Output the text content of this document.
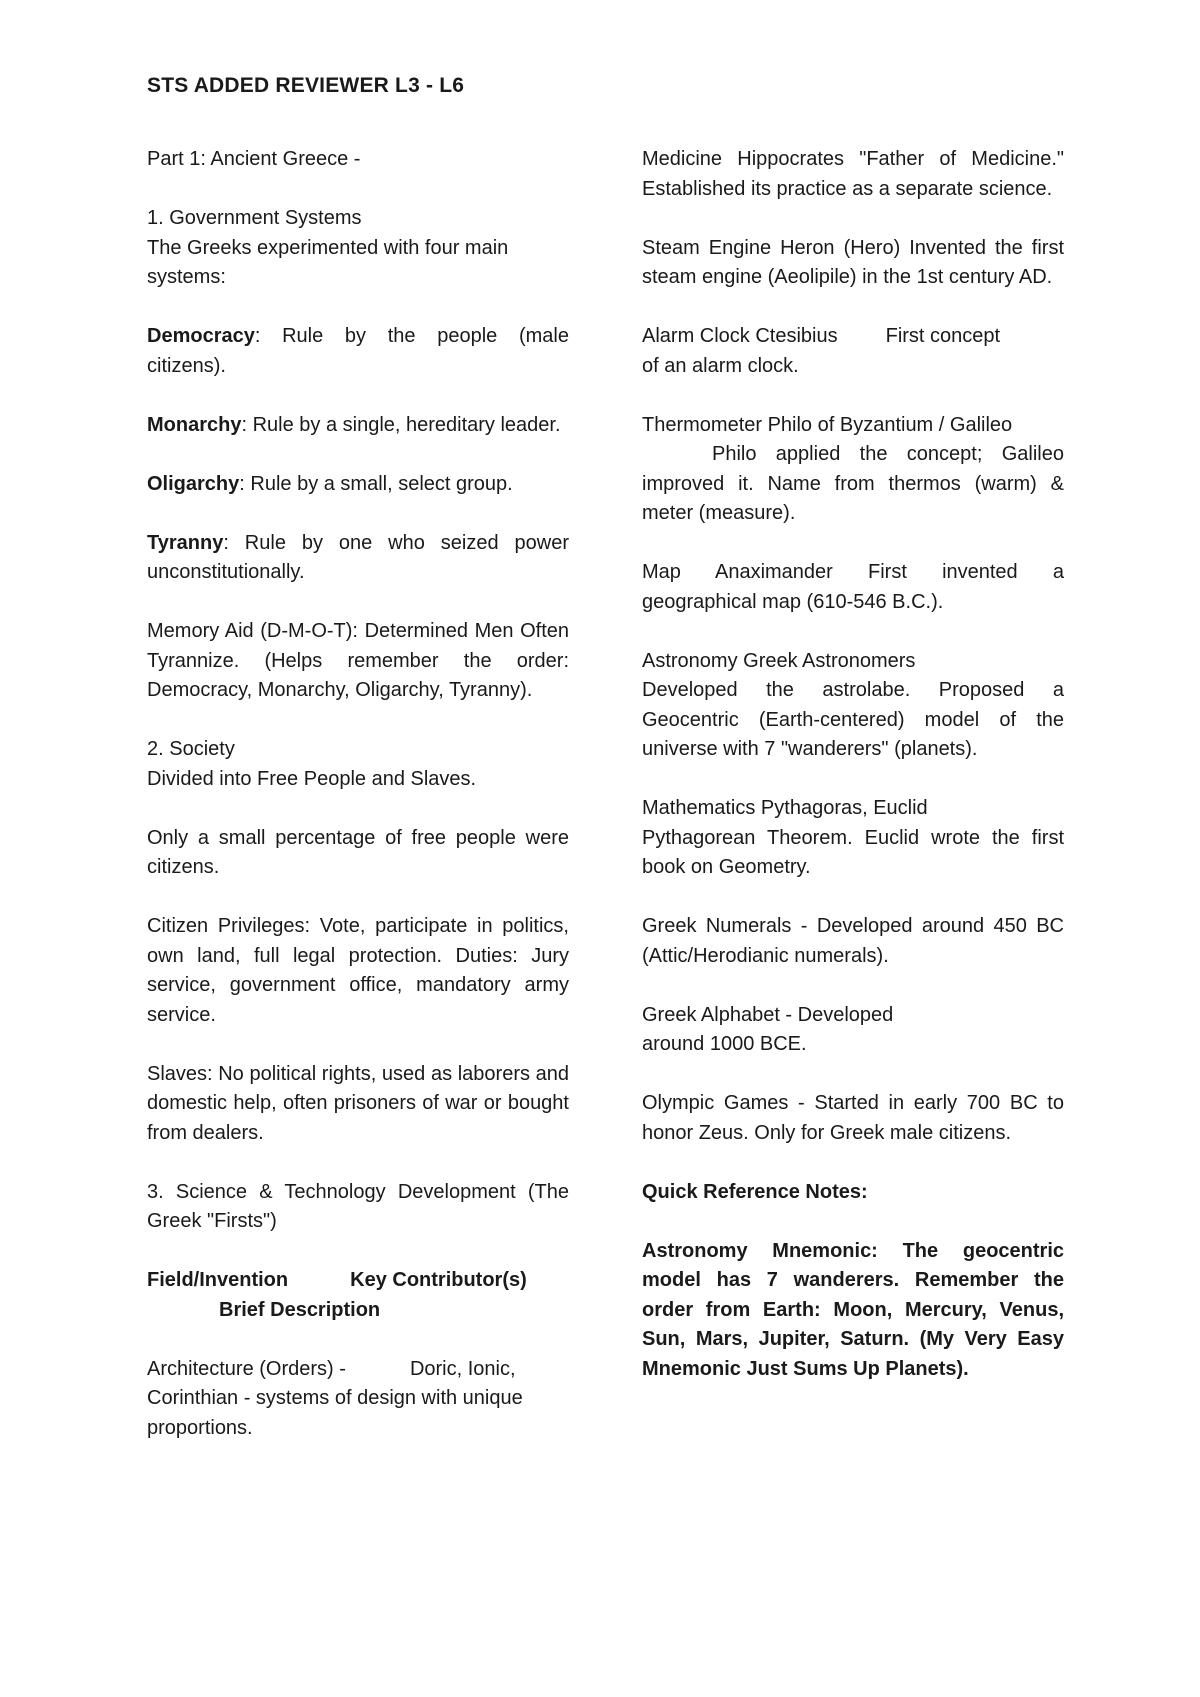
STS ADDED REVIEWER L3 - L6

Part 1: Ancient Greece -

1. Government Systems
The Greeks experimented with four main systems:

Democracy: Rule by the people (male citizens).

Monarchy: Rule by a single, hereditary leader.

Oligarchy: Rule by a small, select group.

Tyranny: Rule by one who seized power unconstitutionally.

Memory Aid (D-M-O-T): Determined Men Often Tyrannize. (Helps remember the order: Democracy, Monarchy, Oligarchy, Tyranny).

2. Society
Divided into Free People and Slaves.

Only a small percentage of free people were citizens.

Citizen Privileges: Vote, participate in politics, own land, full legal protection. Duties: Jury service, government office, mandatory army service.

Slaves: No political rights, used as laborers and domestic help, often prisoners of war or bought from dealers.

3. Science & Technology Development (The Greek "Firsts")

Field/Invention	Key Contributor(s)
Brief Description

Architecture (Orders) -	Doric, Ionic, Corinthian - systems of design with unique proportions.

Medicine Hippocrates "Father of Medicine." Established its practice as a separate science.

Steam Engine Heron (Hero) Invented the first steam engine (Aeolipile) in the 1st century AD.

Alarm Clock Ctesibius First concept
of an alarm clock.

Thermometer Philo of Byzantium / Galileo
Philo applied the concept; Galileo improved it. Name from thermos (warm) & meter (measure).

Map Anaximander First invented a geographical map (610-546 B.C.).

Astronomy Greek Astronomers
Developed the astrolabe. Proposed a Geocentric (Earth-centered) model of the universe with 7 "wanderers" (planets).

Mathematics Pythagoras, Euclid
Pythagorean Theorem. Euclid wrote the first book on Geometry.

Greek Numerals - Developed around 450 BC (Attic/Herodianic numerals).

Greek Alphabet - Developed
around 1000 BCE.

Olympic Games - Started in early 700 BC to honor Zeus. Only for Greek male citizens.

Quick Reference Notes:

Astronomy Mnemonic: The geocentric model has 7 wanderers. Remember the order from Earth: Moon, Mercury, Venus, Sun, Mars, Jupiter, Saturn. (My Very Easy Mnemonic Just Sums Up Planets).
